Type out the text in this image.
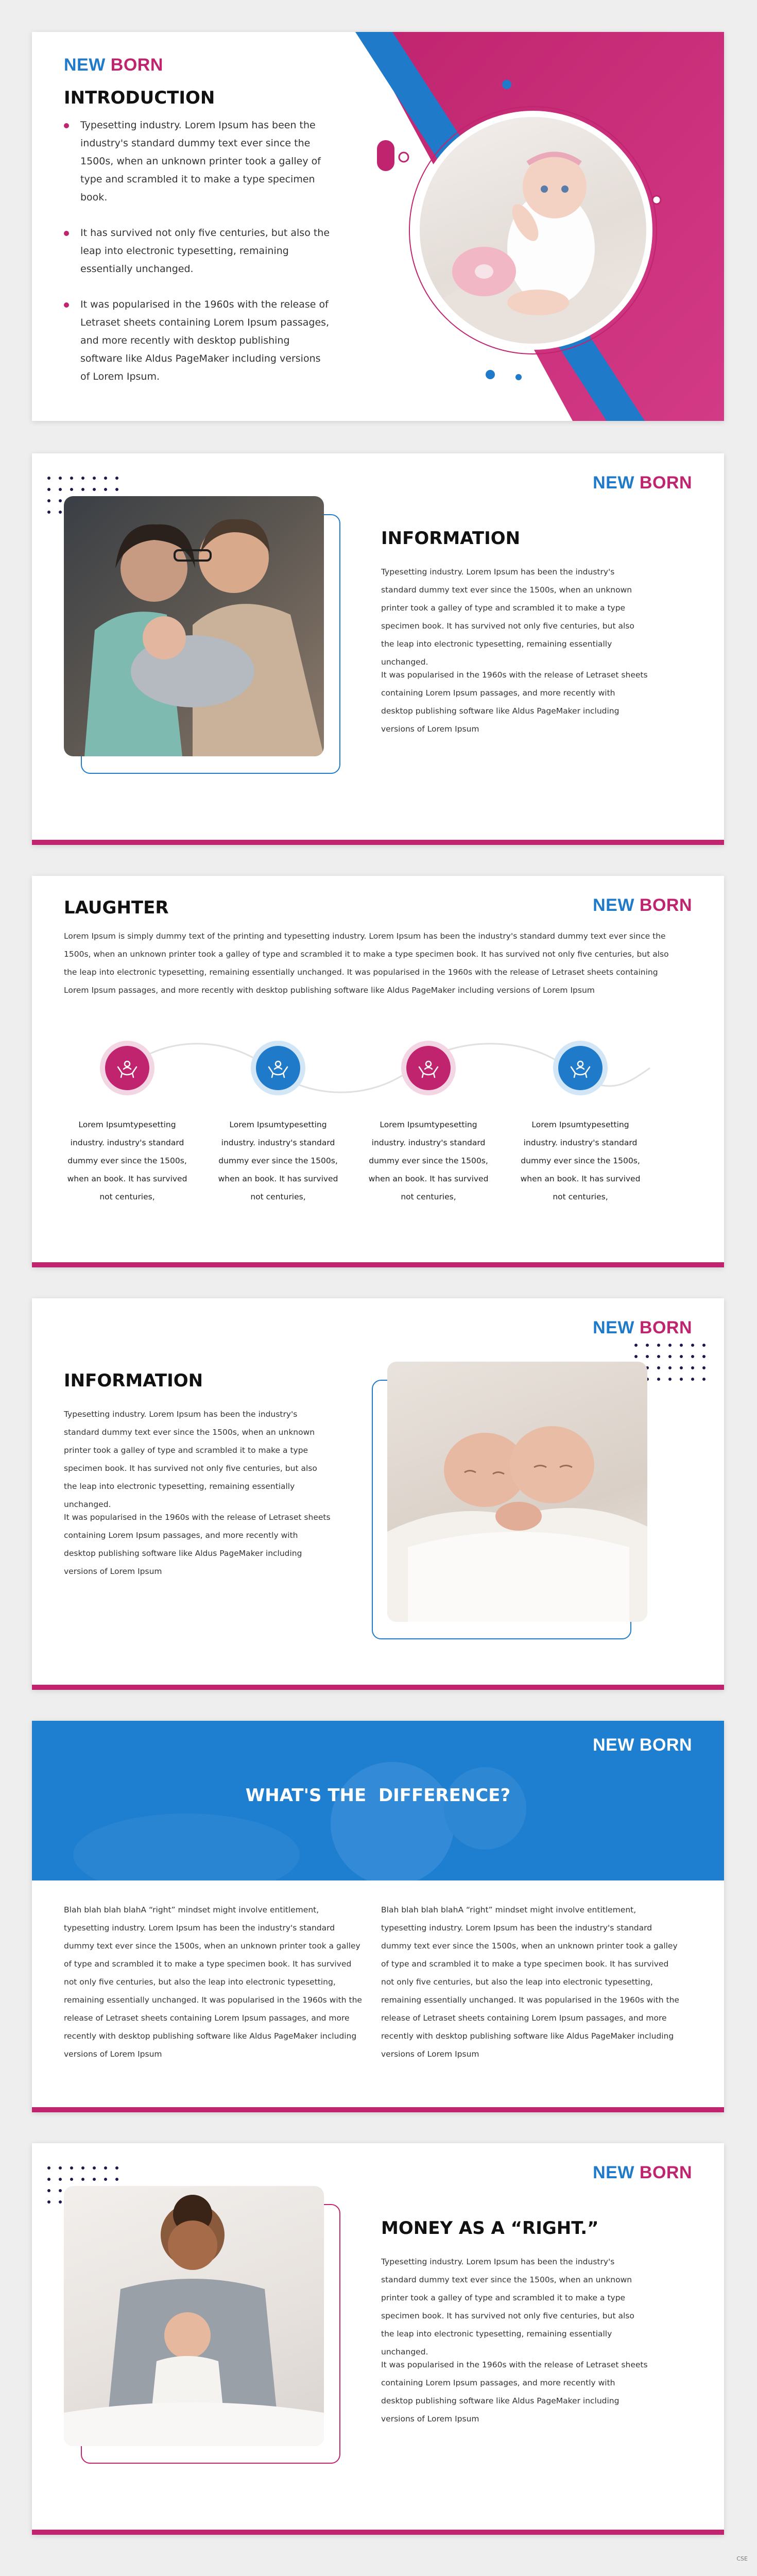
NEW BORN
INTRODUCTION
Typesetting industry. Lorem Ipsum has been the industry's standard dummy text ever since the 1500s, when an unknown printer took a galley of type and scrambled it to make a type specimen book.
It has survived not only five centuries, but also the leap into electronic typesetting, remaining essentially unchanged.
It was popularised in the 1960s with the release of Letraset sheets containing Lorem Ipsum passages, and more recently with desktop publishing software like Aldus PageMaker including versions of Lorem Ipsum.
NEW BORN
INFORMATION
Typesetting industry. Lorem Ipsum has been the industry's standard dummy text ever since the 1500s, when an unknown printer took a galley of type and scrambled it to make a type specimen book. It has survived not only five centuries, but also the leap into electronic typesetting, remaining essentially unchanged.
It was popularised in the 1960s with the release of Letraset sheets containing Lorem Ipsum passages, and more recently with desktop publishing software like Aldus PageMaker including versions of Lorem Ipsum
NEW BORN
LAUGHTER
Lorem Ipsum is simply dummy text of the printing and typesetting industry. Lorem Ipsum has been the industry's standard dummy text ever since the 1500s, when an unknown printer took a galley of type and scrambled it to make a type specimen book. It has survived not only five centuries, but also the leap into electronic typesetting, remaining essentially unchanged. It was popularised in the 1960s with the release of Letraset sheets containing Lorem Ipsum passages, and more recently with desktop publishing software like Aldus PageMaker including versions of Lorem Ipsum

Lorem Ipsumtypesetting industry. industry's standard dummy ever since the 1500s, when an book. It has survived not centuries,

Lorem Ipsumtypesetting industry. industry's standard dummy ever since the 1500s, when an book. It has survived not centuries,

Lorem Ipsumtypesetting industry. industry's standard dummy ever since the 1500s, when an book. It has survived not centuries,

Lorem Ipsumtypesetting industry. industry's standard dummy ever since the 1500s, when an book. It has survived not centuries,

NEW BORN
INFORMATION
Typesetting industry. Lorem Ipsum has been the industry's standard dummy text ever since the 1500s, when an unknown printer took a galley of type and scrambled it to make a type specimen book. It has survived not only five centuries, but also the leap into electronic typesetting, remaining essentially unchanged.
It was popularised in the 1960s with the release of Letraset sheets containing Lorem Ipsum passages, and more recently with desktop publishing software like Aldus PageMaker including versions of Lorem Ipsum
NEW BORN
WHAT'S THE  DIFFERENCE?
Blah blah blah blahA “right” mindset might involve entitlement, typesetting industry. Lorem Ipsum has been the industry's standard dummy text ever since the 1500s, when an unknown printer took a galley of type and scrambled it to make a type specimen book. It has survived not only five centuries, but also the leap into electronic typesetting, remaining essentially unchanged. It was popularised in the 1960s with the release of Letraset sheets containing Lorem Ipsum passages, and more recently with desktop publishing software like Aldus PageMaker including versions of Lorem Ipsum
Blah blah blah blahA “right” mindset might involve entitlement, typesetting industry. Lorem Ipsum has been the industry's standard dummy text ever since the 1500s, when an unknown printer took a galley of type and scrambled it to make a type specimen book. It has survived not only five centuries, but also the leap into electronic typesetting, remaining essentially unchanged. It was popularised in the 1960s with the release of Letraset sheets containing Lorem Ipsum passages, and more recently with desktop publishing software like Aldus PageMaker including versions of Lorem Ipsum
NEW BORN
MONEY AS A “RIGHT.”
Typesetting industry. Lorem Ipsum has been the industry's standard dummy text ever since the 1500s, when an unknown printer took a galley of type and scrambled it to make a type specimen book. It has survived not only five centuries, but also the leap into electronic typesetting, remaining essentially unchanged.
It was popularised in the 1960s with the release of Letraset sheets containing Lorem Ipsum passages, and more recently with desktop publishing software like Aldus PageMaker including versions of Lorem Ipsum
CSE
